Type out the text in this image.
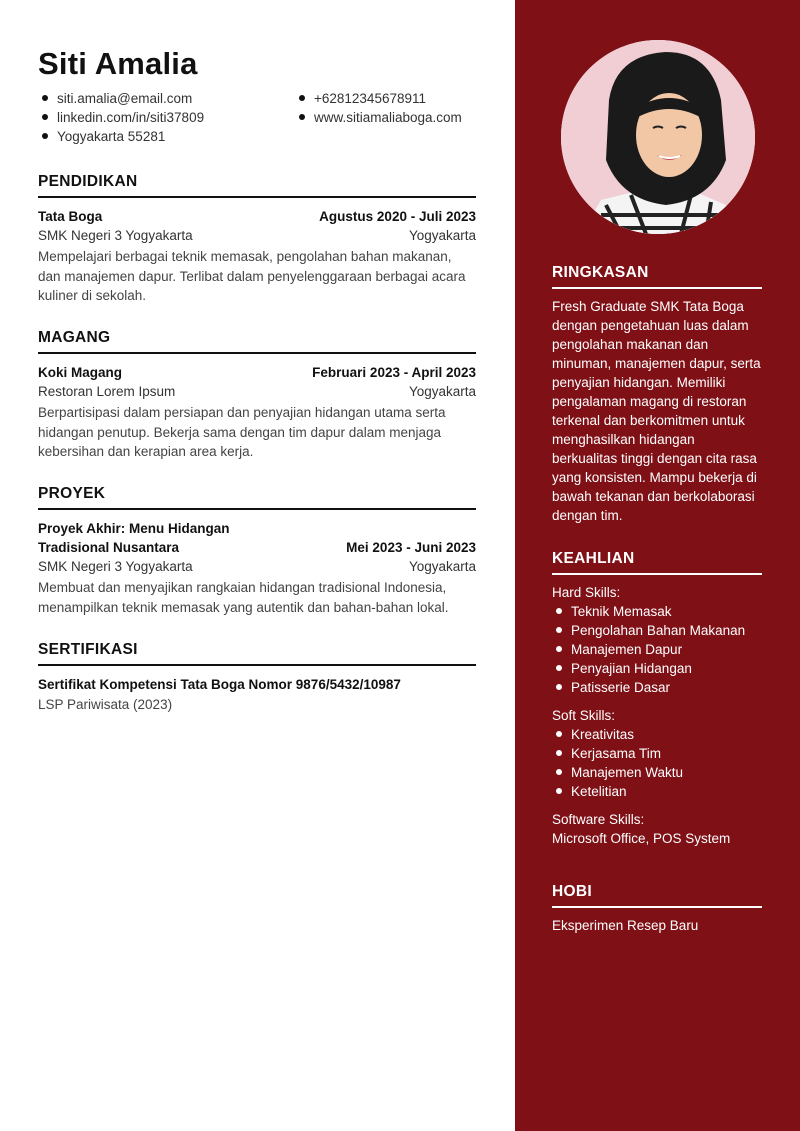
Siti Amalia
siti.amalia@email.com	+62812345678911
linkedin.com/in/siti37809	www.sitiamaliaboga.com
Yogyakarta 55281
PENDIDIKAN
Tata Boga	Agustus 2020 - Juli 2023
SMK Negeri 3 Yogyakarta	Yogyakarta
Mempelajari berbagai teknik memasak, pengolahan bahan makanan, dan manajemen dapur. Terlibat dalam penyelenggaraan berbagai acara kuliner di sekolah.
MAGANG
Koki Magang	Februari 2023 - April 2023
Restoran Lorem Ipsum	Yogyakarta
Berpartisipasi dalam persiapan dan penyajian hidangan utama serta hidangan penutup. Bekerja sama dengan tim dapur dalam menjaga kebersihan dan kerapian area kerja.
PROYEK
Proyek Akhir: Menu Hidangan
Tradisional Nusantara	Mei 2023 - Juni 2023
SMK Negeri 3 Yogyakarta	Yogyakarta
Membuat dan menyajikan rangkaian hidangan tradisional Indonesia, menampilkan teknik memasak yang autentik dan bahan-bahan lokal.
SERTIFIKASI
Sertifikat Kompetensi Tata Boga Nomor 9876/5432/10987
LSP Pariwisata (2023)
RINGKASAN
Fresh Graduate SMK Tata Boga dengan pengetahuan luas dalam pengolahan makanan dan minuman, manajemen dapur, serta penyajian hidangan. Memiliki pengalaman magang di restoran terkenal dan berkomitmen untuk menghasilkan hidangan berkualitas tinggi dengan cita rasa yang konsisten. Mampu bekerja di bawah tekanan dan berkolaborasi dengan tim.
KEAHLIAN
Hard Skills:
Teknik Memasak
Pengolahan Bahan Makanan
Manajemen Dapur
Penyajian Hidangan
Patisserie Dasar
Soft Skills:
Kreativitas
Kerjasama Tim
Manajemen Waktu
Ketelitian
Software Skills:
Microsoft Office, POS System
HOBI
Eksperimen Resep Baru
